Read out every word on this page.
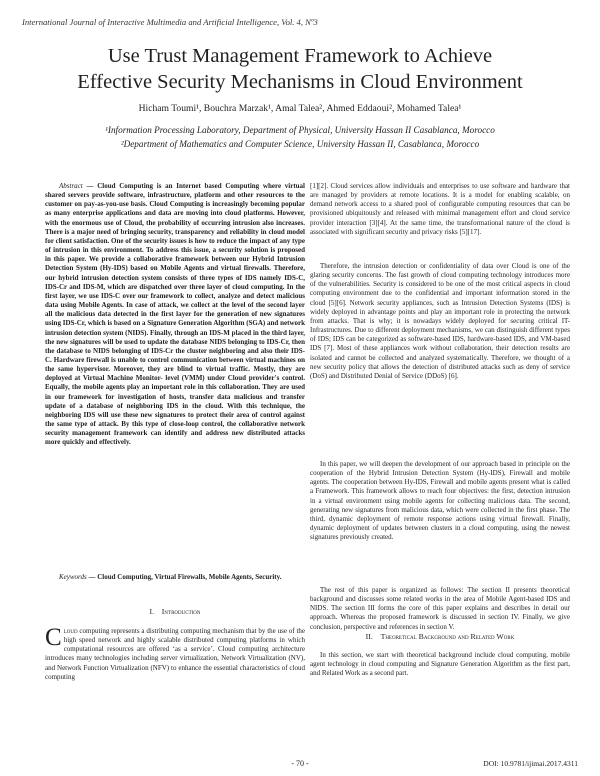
International Journal of Interactive Multimedia and Artificial Intelligence, Vol. 4, Nº3
Use Trust Management Framework to Achieve
Effective Security Mechanisms in Cloud Environment
Hicham Toumi¹, Bouchra Marzak¹, Amal Talea², Ahmed Eddaoui², Mohamed Talea¹
¹Information Processing Laboratory, Department of Physical, University Hassan II Casablanca, Morocco
²Department of Mathematics and Computer Science, University Hassan II, Casablanca, Morocco

Abstract — Cloud Computing is an Internet based Computing where virtual shared servers provide software, infrastructure, platform and other resources to the customer on pay-as-you-use basis. Cloud Computing is increasingly becoming popular as many enterprise applications and data are moving into cloud platforms. However, with the enormous use of Cloud, the probability of occurring intrusion also increases. There is a major need of bringing security, transparency and reliability in cloud model for client satisfaction. One of the security issues is how to reduce the impact of any type of intrusion in this environment. To address this issue, a security solution is proposed in this paper. We provide a collaborative framework between our Hybrid Intrusion Detection System (Hy-IDS) based on Mobile Agents and virtual firewalls. Therefore, our hybrid intrusion detection system consists of three types of IDS namely IDS-C, IDS-Cr and IDS-M, which are dispatched over three layer of cloud computing. In the first layer, we use IDS-C over our framework to collect, analyze and detect malicious data using Mobile Agents. In case of attack, we collect at the level of the second layer all the malicious data detected in the first layer for the generation of new signatures using IDS-Cr, which is based on a Signature Generation Algorithm (SGA) and network intrusion detection system (NIDS). Finally, through an IDS-M placed in the third layer, the new signatures will be used to update the database NIDS belonging to IDS-Cr, then the database to NIDS belonging of IDS-Cr the cluster neighboring and also their IDS-C. Hardware firewall is unable to control communication between virtual machines on the same hypervisor. Moreover, they are blind to virtual traffic. Mostly, they are deployed at Virtual Machine Monitor- level (VMM) under Cloud provider's control. Equally, the mobile agents play an important role in this collaboration. They are used in our framework for investigation of hosts, transfer data malicious and transfer update of a database of neighboring IDS in the cloud. With this technique, the neighboring IDS will use these new signatures to protect their area of control against the same type of attack. By this type of close-loop control, the collaborative network security management framework can identify and address new distributed attacks more quickly and effectively.

Keywords — Cloud Computing, Virtual Firewalls, Mobile Agents, Security.

I. Introduction

Cloud computing represents a distributing computing mechanism that by the use of the high speed network and highly scalable distributed computing platforms in which computational resources are offered ‘as a service’. Cloud computing architecture introduces many technologies including server virtualization, Network Virtualization (NV), and Network Function Virtualization (NFV) to enhance the essential characteristics of cloud computing

[1][2]. Cloud services allow individuals and enterprises to use software and hardware that are managed by providers at remote locations. It is a model for enabling scalable, on demand network access to a shared pool of configurable computing resources that can be provisioned ubiquitously and released with minimal management effort and cloud service provider interaction [3][4]. At the same time, the transformational nature of the cloud is associated with significant security and privacy risks [5][17].

Therefore, the intrusion detection or confidentiality of data over Cloud is one of the glaring security concerns. The fast growth of cloud computing technology introduces more of the vulnerabilities. Security is considered to be one of the most critical aspects in cloud computing environment due to the confidential and important information stored in the cloud [5][6]. Network security appliances, such as Intrusion Detection Systems (IDS) is widely deployed in advantage points and play an important role in protecting the network from attacks. That is why; it is nowadays widely deployed for securing critical IT-Infrastructures. Due to different deployment mechanisms, we can distinguish different types of IDS; IDS can be categorized as software-based IDS, hardware-based IDS, and VM-based IDS [7]. Most of these appliances work without collaboration, their detection results are isolated and cannot be collected and analyzed systematically. Therefore, we thought of a new security policy that allows the detection of distributed attacks such as deny of service (DoS) and Distributed Denial of Service (DDoS) [6].

In this paper, we will deepen the development of our approach based in principle on the cooperation of the Hybrid Intrusion Detection System (Hy-IDS), Firewall and mobile agents. The cooperation between Hy-IDS, Firewall and mobile agents present what is called a Framework. This framework allows to reach four objectives: the first, detection intrusion in a virtual environment using mobile agents for collecting malicious data. The second, generating new signatures from malicious data, which were collected in the first phase. The third, dynamic deployment of remote response actions using virtual firewall. Finally, dynamic deployment of updates between clusters in a cloud computing, using the newest signatures previously created.

The rest of this paper is organized as follows: The section II presents theoretical background and discusses some related works in the area of Mobile Agent-based IDS and NIDS. The section III forms the core of this paper explains and describes in detail our approach. Whereas the proposed framework is discussed in section IV. Finally, we give conclusion, perspective and references in section V.

II. Theoretical Background and Related Work

In this section, we start with theoretical background include cloud computing, mobile agent technology in cloud computing and Signature Generation Algorithm as the first part, and Related Work as a second part.

- 70 -	DOI: 10.9781/ijimai.2017.4311
